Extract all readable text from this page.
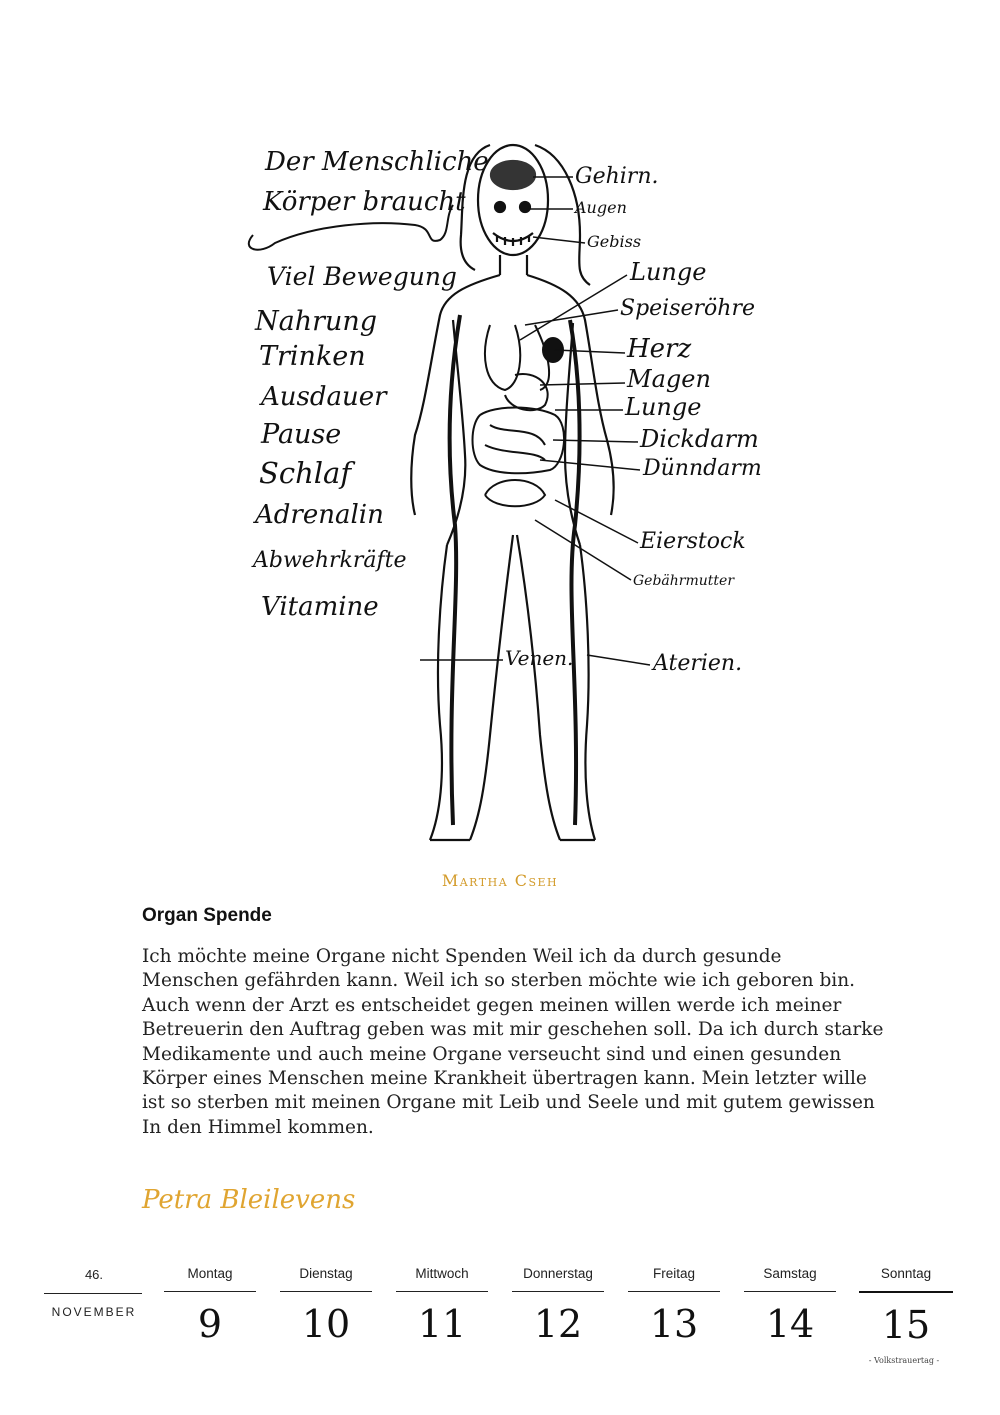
Der Menschliche
Körper braucht
Viel Bewegung
Nahrung
Trinken
Ausdauer
Pause
Schlaf
Adrenalin
Abwehrkräfte
Vitamine
Gehirn.
Augen
Gebiss
Lunge
Speiseröhre
Herz
Magen
Lunge
Dickdarm
Dünndarm
Eierstock
Gebährmutter
Venen.	Aterien.
Martha Cseh
Organ Spende
Ich möchte meine Organe nicht Spenden Weil ich da durch gesunde
Menschen gefährden kann. Weil ich so sterben möchte wie ich geboren bin.
Auch wenn der Arzt es entscheidet gegen meinen willen werde ich meiner
Betreuerin den Auftrag geben was mit mir geschehen soll. Da ich durch starke
Medikamente und auch meine Organe verseucht sind und einen gesunden
Körper eines Menschen meine Krankheit übertragen kann. Mein letzter wille
ist so sterben mit meinen Organe mit Leib und Seele und mit gutem gewissen
In den Himmel kommen.
Petra Bleilevens
46.
NOVEMBER
Montag
9
Dienstag
10
Mittwoch
11
Donnerstag
12
Freitag
13
Samstag
14
Sonntag
15
- Volkstrauertag -
